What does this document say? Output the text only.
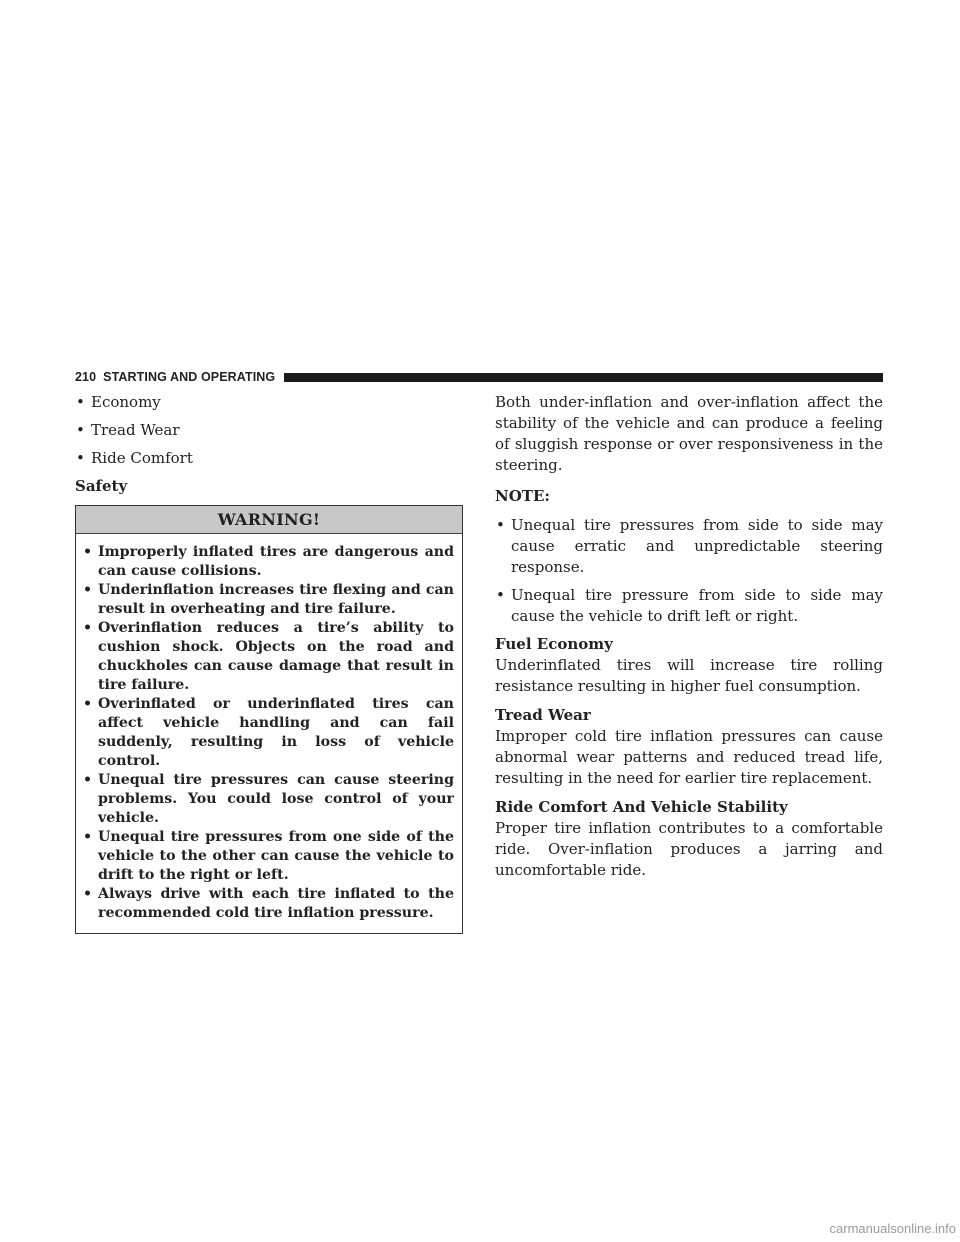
210 STARTING AND OPERATING
• Economy
• Tread Wear
• Ride Comfort
Safety
WARNING!
• Improperly inflated tires are dangerous and can cause collisions.
• Underinflation increases tire flexing and can result in overheating and tire failure.
• Overinflation reduces a tire’s ability to cushion shock. Objects on the road and chuckholes can cause damage that result in tire failure.
• Overinflated or underinflated tires can affect vehicle handling and can fail suddenly, resulting in loss of vehicle control.
• Unequal tire pressures can cause steering problems. You could lose control of your vehicle.
• Unequal tire pressures from one side of the vehicle to the other can cause the vehicle to drift to the right or left.
• Always drive with each tire inflated to the recommended cold tire inflation pressure.

Both under-inflation and over-inflation affect the stability of the vehicle and can produce a feeling of sluggish response or over responsiveness in the steering.

NOTE:
• Unequal tire pressures from side to side may cause erratic and unpredictable steering response.
• Unequal tire pressure from side to side may cause the vehicle to drift left or right.
Fuel Economy

Underinflated tires will increase tire rolling resistance resulting in higher fuel consumption.

Tread Wear

Improper cold tire inflation pressures can cause abnormal wear patterns and reduced tread life, resulting in the need for earlier tire replacement.

Ride Comfort And Vehicle Stability

Proper tire inflation contributes to a comfortable ride. Over-inflation produces a jarring and uncomfortable ride.

carmanualsonline.info
